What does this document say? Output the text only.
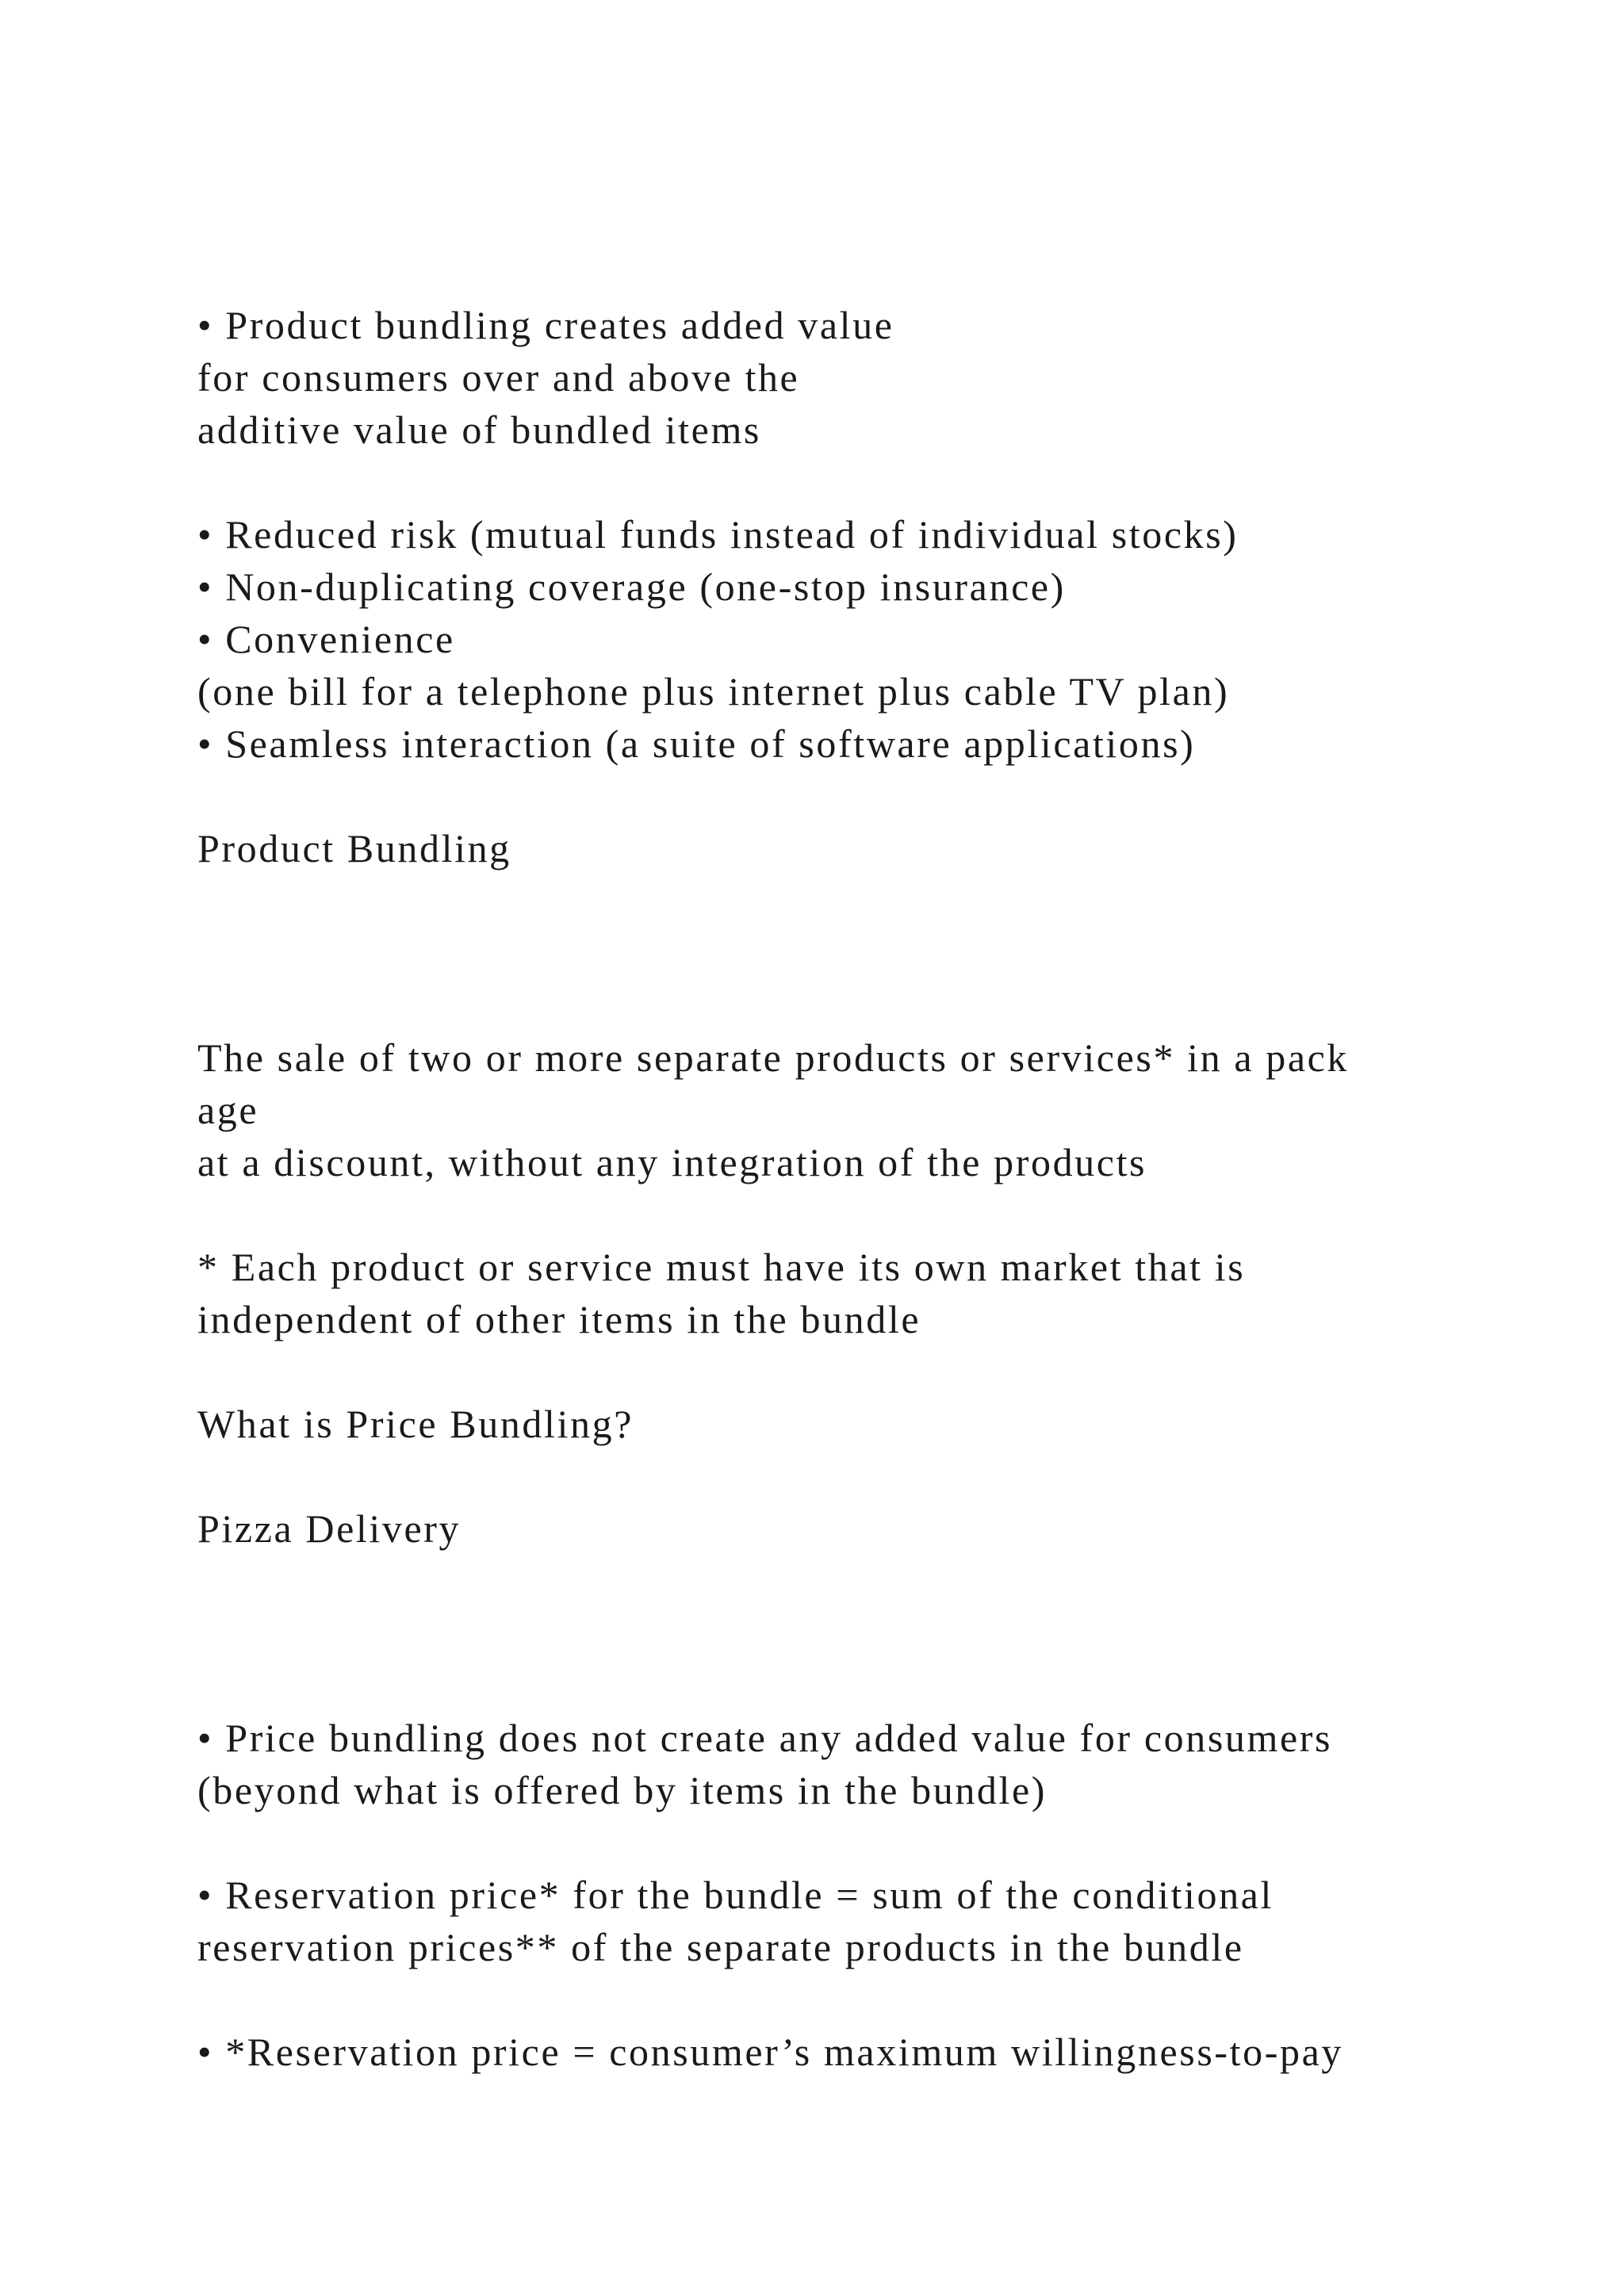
• Product bundling creates added value

for consumers over and above the

additive value of bundled items

• Reduced risk (mutual funds instead of individual stocks)

• Non-duplicating coverage (one-stop insurance)

• Convenience

(one bill for a telephone plus internet plus cable TV plan)

• Seamless interaction (a suite of software applications)

Product Bundling

The sale of two or more separate products or services* in a pack

age

at a discount, without any integration of the products

* Each product or service must have its own market that is

independent of other items in the bundle

What is Price Bundling?

Pizza Delivery

• Price bundling does not create any added value for consumers

(beyond what is offered by items in the bundle)

• Reservation price* for the bundle = sum of the conditional

reservation prices** of the separate products in the bundle

• *Reservation price = consumer’s maximum willingness-to-pay
